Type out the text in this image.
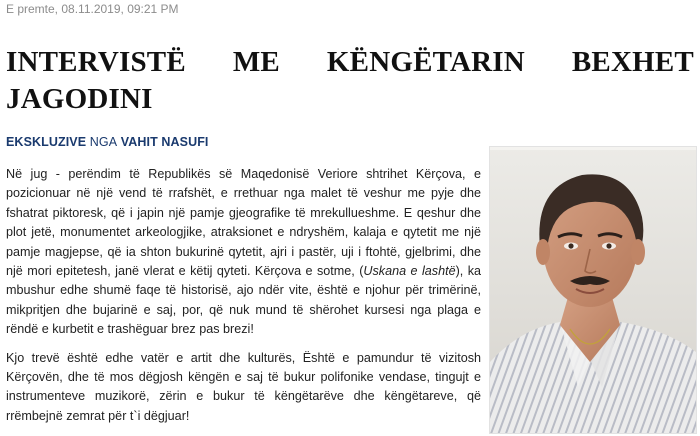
E premte, 08.11.2019, 09:21 PM
INTERVISTË ME KËNGËTARIN BEXHET
JAGODINI
EKSKLUZIVE NGA VAHIT NASUFI

Në jug - perëndim të Republikës së Maqedonisë Veriore shtrihet Kërçova, e pozicionuar në një vend të rrafshët, e rrethuar nga malet të veshur me pyje dhe fshatrat piktoresk, që i japin një pamje gjeografike të mrekullueshme. E qeshur dhe plot jetë, monumentet arkeologjike, atraksionet e ndryshëm, kalaja e qytetit me një pamje magjepse, që ia shton bukurinë qytetit, ajri i pastër, uji i ftohtë, gjelbrimi, dhe një mori epitetesh, janë vlerat e këtij qyteti. Kërçova e sotme, (Uskana e lashtë), ka mbushur edhe shumë faqe të historisë, ajo ndër vite, është e njohur për trimërinë, mikpritjen dhe bujarinë e saj, por, që nuk mund të shërohet kursesi nga plaga e rëndë e kurbetit e trashëguar brez pas brezi!

Kjo trevë është edhe vatër e artit dhe kulturës, Është e pamundur të vizitosh Kërçovën, dhe të mos dëgjosh këngën e saj të bukur polifonike vendase, tingujt e instrumenteve muzikorë, zërin e bukur të këngëtarëve dhe këngëtareve, që rrëmbejnë zemrat për t`i dëgjuar!
